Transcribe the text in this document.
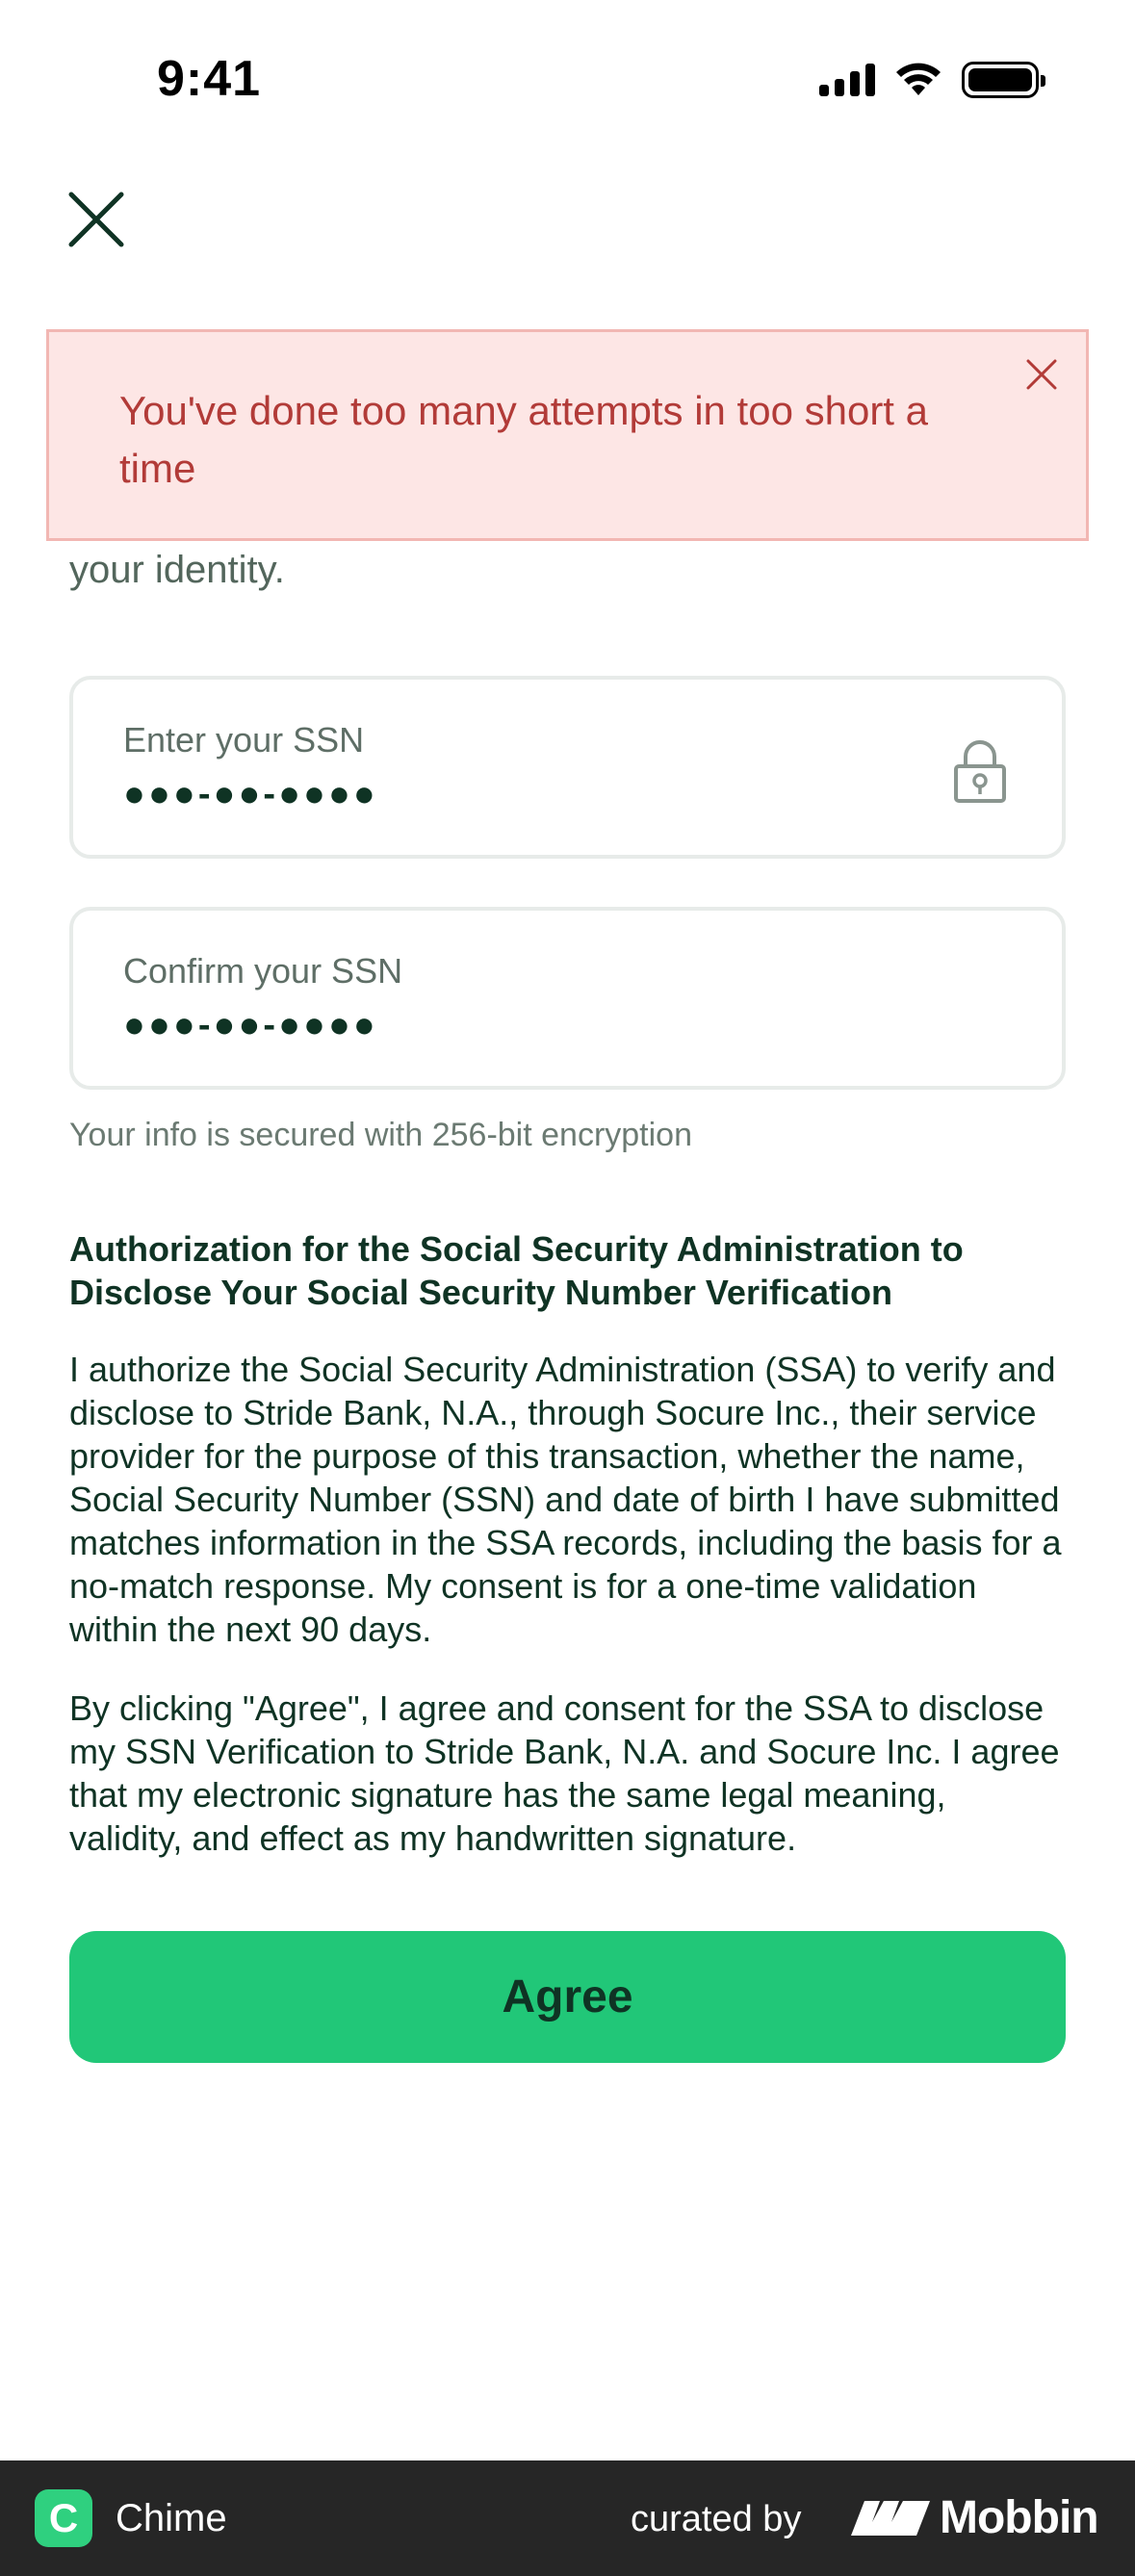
9:41
your identity.
Enter your SSN
●●●-●●-●●●●
Confirm your SSN
●●●-●●-●●●●
Your info is secured with 256-bit encryption
Authorization for the Social Security Administration to Disclose Your Social Security Number Verification
I authorize the Social Security Administration (SSA) to verify and disclose to Stride Bank, N.A., through Socure Inc., their service provider for the purpose of this transaction, whether the name, Social Security Number (SSN) and date of birth I have submitted matches information in the SSA records, including the basis for a no-match response. My consent is for a one-time validation within the next 90 days.
By clicking "Agree", I agree and consent for the SSA to disclose my SSN Verification to Stride Bank, N.A. and Socure Inc. I agree that my electronic signature has the same legal meaning, validity, and effect as my handwritten signature.
Agree
You've done too many attempts in too short a time
C Chime	curated by	Mobbin
